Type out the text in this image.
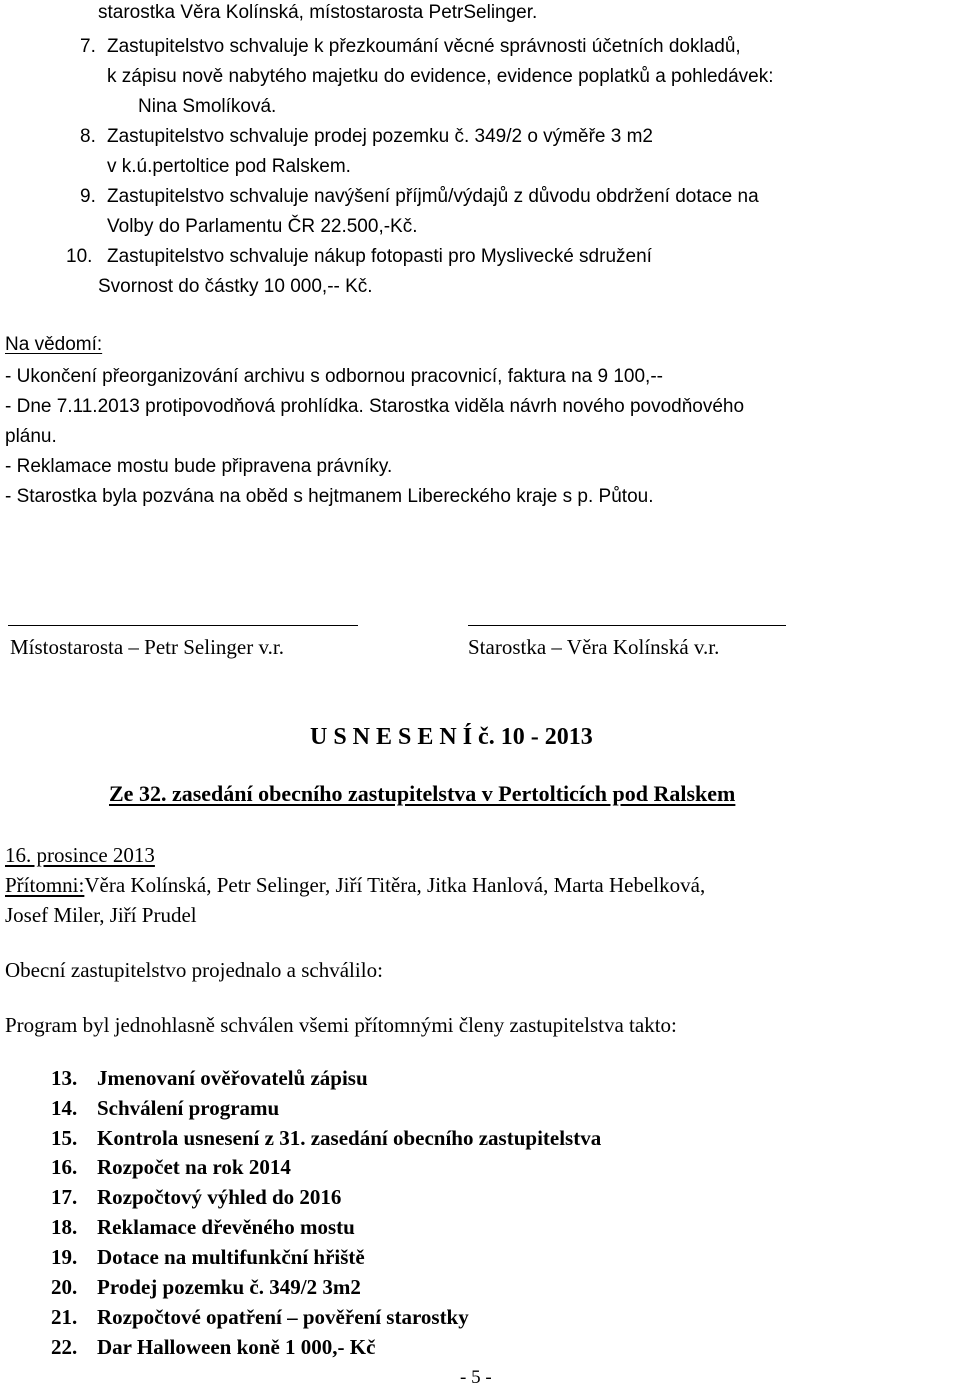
starostka Věra Kolínská, místostarosta PetrSelinger.
7. Zastupitelstvo schvaluje k přezkoumání věcné správnosti účetních dokladů,
k zápisu nově nabytého majetku do evidence, evidence poplatků a pohledávek:
Nina Smolíková.
8. Zastupitelstvo schvaluje prodej pozemku č. 349/2 o výměře 3 m2
v k.ú.pertoltice pod Ralskem.
9. Zastupitelstvo schvaluje navýšení příjmů/výdajů z důvodu obdržení dotace na
Volby do Parlamentu ČR 22.500,-Kč.
10. Zastupitelstvo schvaluje nákup fotopasti pro Myslivecké sdružení
Svornost do částky 10 000,-- Kč.
Na vědomí:
- Ukončení přeorganizování archivu s odbornou pracovnicí, faktura na 9 100,--
- Dne 7.11.2013 protipovodňová prohlídka. Starostka viděla návrh nového povodňového
plánu.
- Reklamace mostu bude připravena právníky.
- Starostka byla pozvána na oběd s hejtmanem Libereckého kraje s p. Půtou.
Místostarosta – Petr Selinger v.r.	Starostka – Věra Kolínská v.r.
U S N E S E N Í č. 10 - 2013
Ze 32. zasedání obecního zastupitelstva v Pertolticích pod Ralskem
16. prosince 2013
Přítomni:Věra Kolínská, Petr Selinger, Jiří Titěra, Jitka Hanlová, Marta Hebelková,
Josef Miler, Jiří Prudel
Obecní zastupitelstvo projednalo a schválilo:
Program byl jednohlasně schválen všemi přítomnými členy zastupitelstva takto:
13. Jmenovaní ověřovatelů zápisu
14. Schválení programu
15. Kontrola usnesení z 31. zasedání obecního zastupitelstva
16. Rozpočet na rok 2014
17. Rozpočtový výhled do 2016
18. Reklamace dřevěného mostu
19. Dotace na multifunkční hřiště
20. Prodej pozemku č. 349/2 3m2
21. Rozpočtové opatření – pověření starostky
22. Dar Halloween koně 1 000,- Kč
- 5 -
